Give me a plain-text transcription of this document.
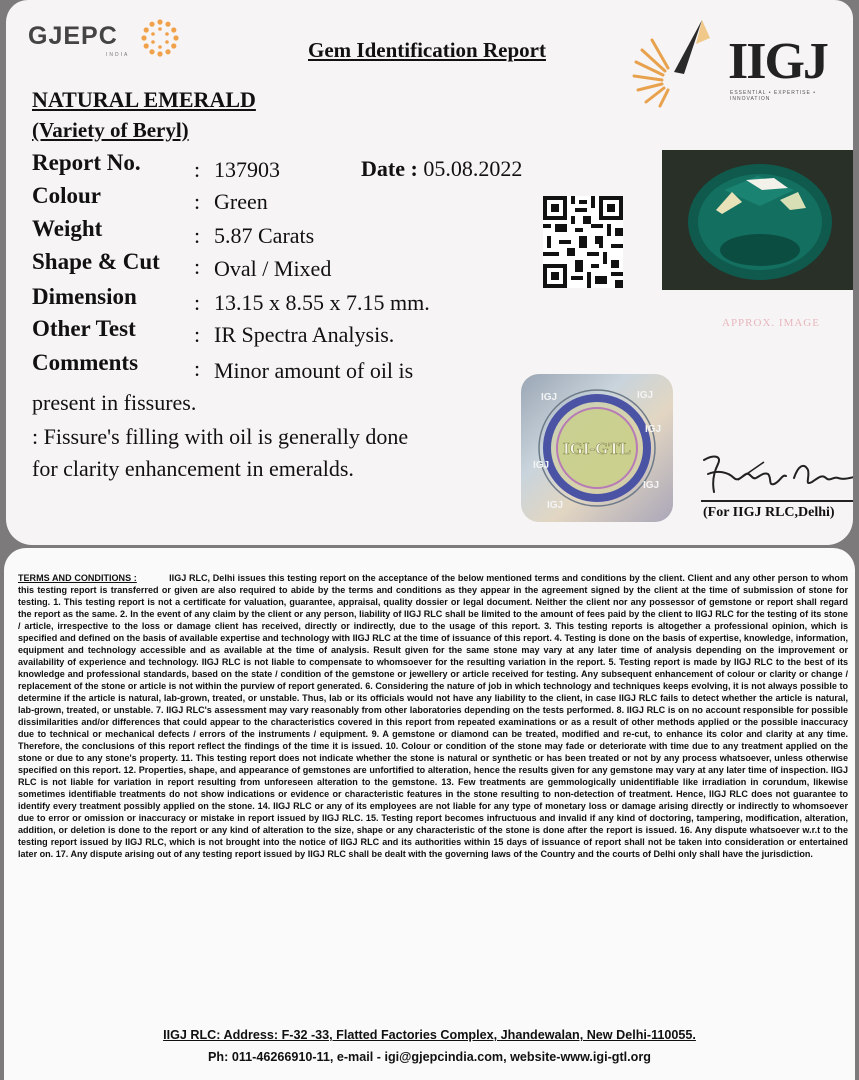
GJEPC
INDIA	Gem Identification Report	IIGJ
ESSENTIAL • EXPERTISE • INNOVATION
NATURAL EMERALD
(Variety of Beryl)
Report No. : 137903	Date : 05.08.2022
Colour	: Green
Weight	: 5.87 Carats
Shape & Cut : Oval / Mixed
Dimension	: 13.15 x 8.55 x 7.15 mm.
Other Test	: IR Spectra Analysis.
Comments	: Minor amount of oil is
present in fissures.
: Fissure's filling with oil is generally done
for clarity enhancement in emeralds.
APPROX. IMAGE
IGI-GTL
IGJ	IGJ
IGJ
IGJ
IGJ
IGJ	(For IIGJ RLC,Delhi)
TERMS AND CONDITIONS :	IIGJ RLC, Delhi issues this testing report on the acceptance of the below mentioned terms and conditions by the client. Client and any other person to whom this testing report is transferred or given are also required to abide by the terms and conditions as they appear in the agreement signed by the client at the time of submission of stone for testing. 1. This testing report is not a certificate for valuation, guarantee, appraisal, quality dossier or legal document. Neither the client nor any possessor of gemstone or report shall regard the report as the same. 2. In the event of any claim by the client or any person, liability of IIGJ RLC shall be limited to the amount of fees paid by the client to IIGJ RLC for the testing of its stone / article, irrespective to the loss or damage client has received, directly or indirectly, due to the usage of this report. 3. This testing reports is altogether a professional opinion, which is specified and defined on the basis of available expertise and technology with IIGJ RLC at the time of issuance of this report. 4. Testing is done on the basis of expertise, knowledge, information, equipment and technology accessible and as available at the time of analysis. Result given for the same stone may vary at any later time of analysis depending on the improvement or availability of experience and technology. IIGJ RLC is not liable to compensate to whomsoever for the resulting variation in the report. 5. Testing report is made by IIGJ RLC to the best of its knowledge and professional standards, based on the state / condition of the gemstone or jewellery or article received for testing. Any subsequent enhancement of colour or clarity or change / replacement of the stone or article is not within the purview of report generated. 6. Considering the nature of job in which technology and techniques keeps evolving, it is not always possible to determine if the article is natural, lab-grown, treated, or unstable. Thus, lab or its officials would not have any liability to the client, in case IIGJ RLC fails to detect whether the article is natural, lab-grown, treated, or unstable. 7. IIGJ RLC's assessment may vary reasonably from other laboratories depending on the tests performed. 8. IIGJ RLC is on no account responsible for possible dissimilarities and/or differences that could appear to the characteristics covered in this report from repeated examinations or as a result of other methods applied or the possible inaccuracy due to technical or mechanical defects / errors of the instruments / equipment. 9. A gemstone or diamond can be treated, modified and re-cut, to enhance its color and clarity at any time. Therefore, the conclusions of this report reflect the findings of the time it is issued. 10. Colour or condition of the stone may fade or deteriorate with time due to any treatment applied on the stone or due to any stone's property. 11. This testing report does not indicate whether the stone is natural or synthetic or has been treated or not by any process whatsoever, unless otherwise specified on this report. 12. Properties, shape, and appearance of gemstones are unfortified to alteration, hence the results given for any gemstone may vary at any later time of inspection. IIGJ RLC is not liable for variation in report resulting from unforeseen alteration to the gemstone. 13. Few treatments are gemmologically unidentifiable like irradiation in corundum, likewise sometimes identifiable treatments do not show indications or evidence or characteristic features in the stone resulting to non-detection of treatment. Hence, IIGJ RLC does not guarantee to identify every treatment possibly applied on the stone. 14. IIGJ RLC or any of its employees are not liable for any type of monetary loss or damage arising directly or indirectly to whomsoever due to error or omission or inaccuracy or mistake in report issued by IIGJ RLC. 15. Testing report becomes infructuous and invalid if any kind of doctoring, tampering, modification, alteration, addition, or deletion is done to the report or any kind of alteration to the size, shape or any characteristic of the stone is done after the report is issued. 16. Any dispute whatsoever w.r.t to the testing report issued by IIGJ RLC, which is not brought into the notice of IIGJ RLC and its authorities within 15 days of issuance of report shall not be taken into consideration or entertained later on. 17. Any dispute arising out of any testing report issued by IIGJ RLC shall be dealt with the governing laws of the Country and the courts of Delhi only shall have the jurisdiction.
IIGJ RLC: Address: F-32 -33, Flatted Factories Complex, Jhandewalan, New Delhi-110055.
Ph: 011-46266910-11, e-mail - igi@gjepcindia.com, website-www.igi-gtl.org
